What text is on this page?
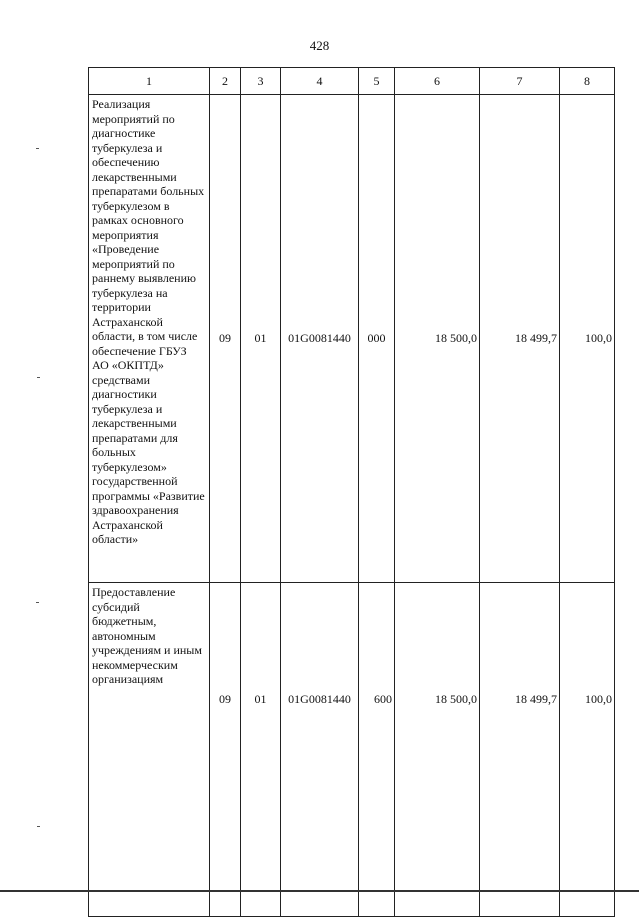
428
1	2	3	4	5	6	7	8
Реализация мероприятий по диагностике туберкулеза и обеспечению лекарственными препаратами больных туберкулезом в рамках основного мероприятия «Проведение мероприятий по раннему выявлению туберкулеза на территории Астраханской области, в том числе обеспечение ГБУЗ АО «ОКПТД» средствами диагностики туберкулеза и лекарственными препаратами для больных туберкулезом» государственной программы «Развитие здравоохранения Астраханской области»	09	01	01G0081440	000	18 500,0	18 499,7	100,0
Предоставление субсидий бюджетным, автономным учреждениям и иным некоммерческим организациям	09	01	01G0081440	600	18 500,0	18 499,7	100,0
